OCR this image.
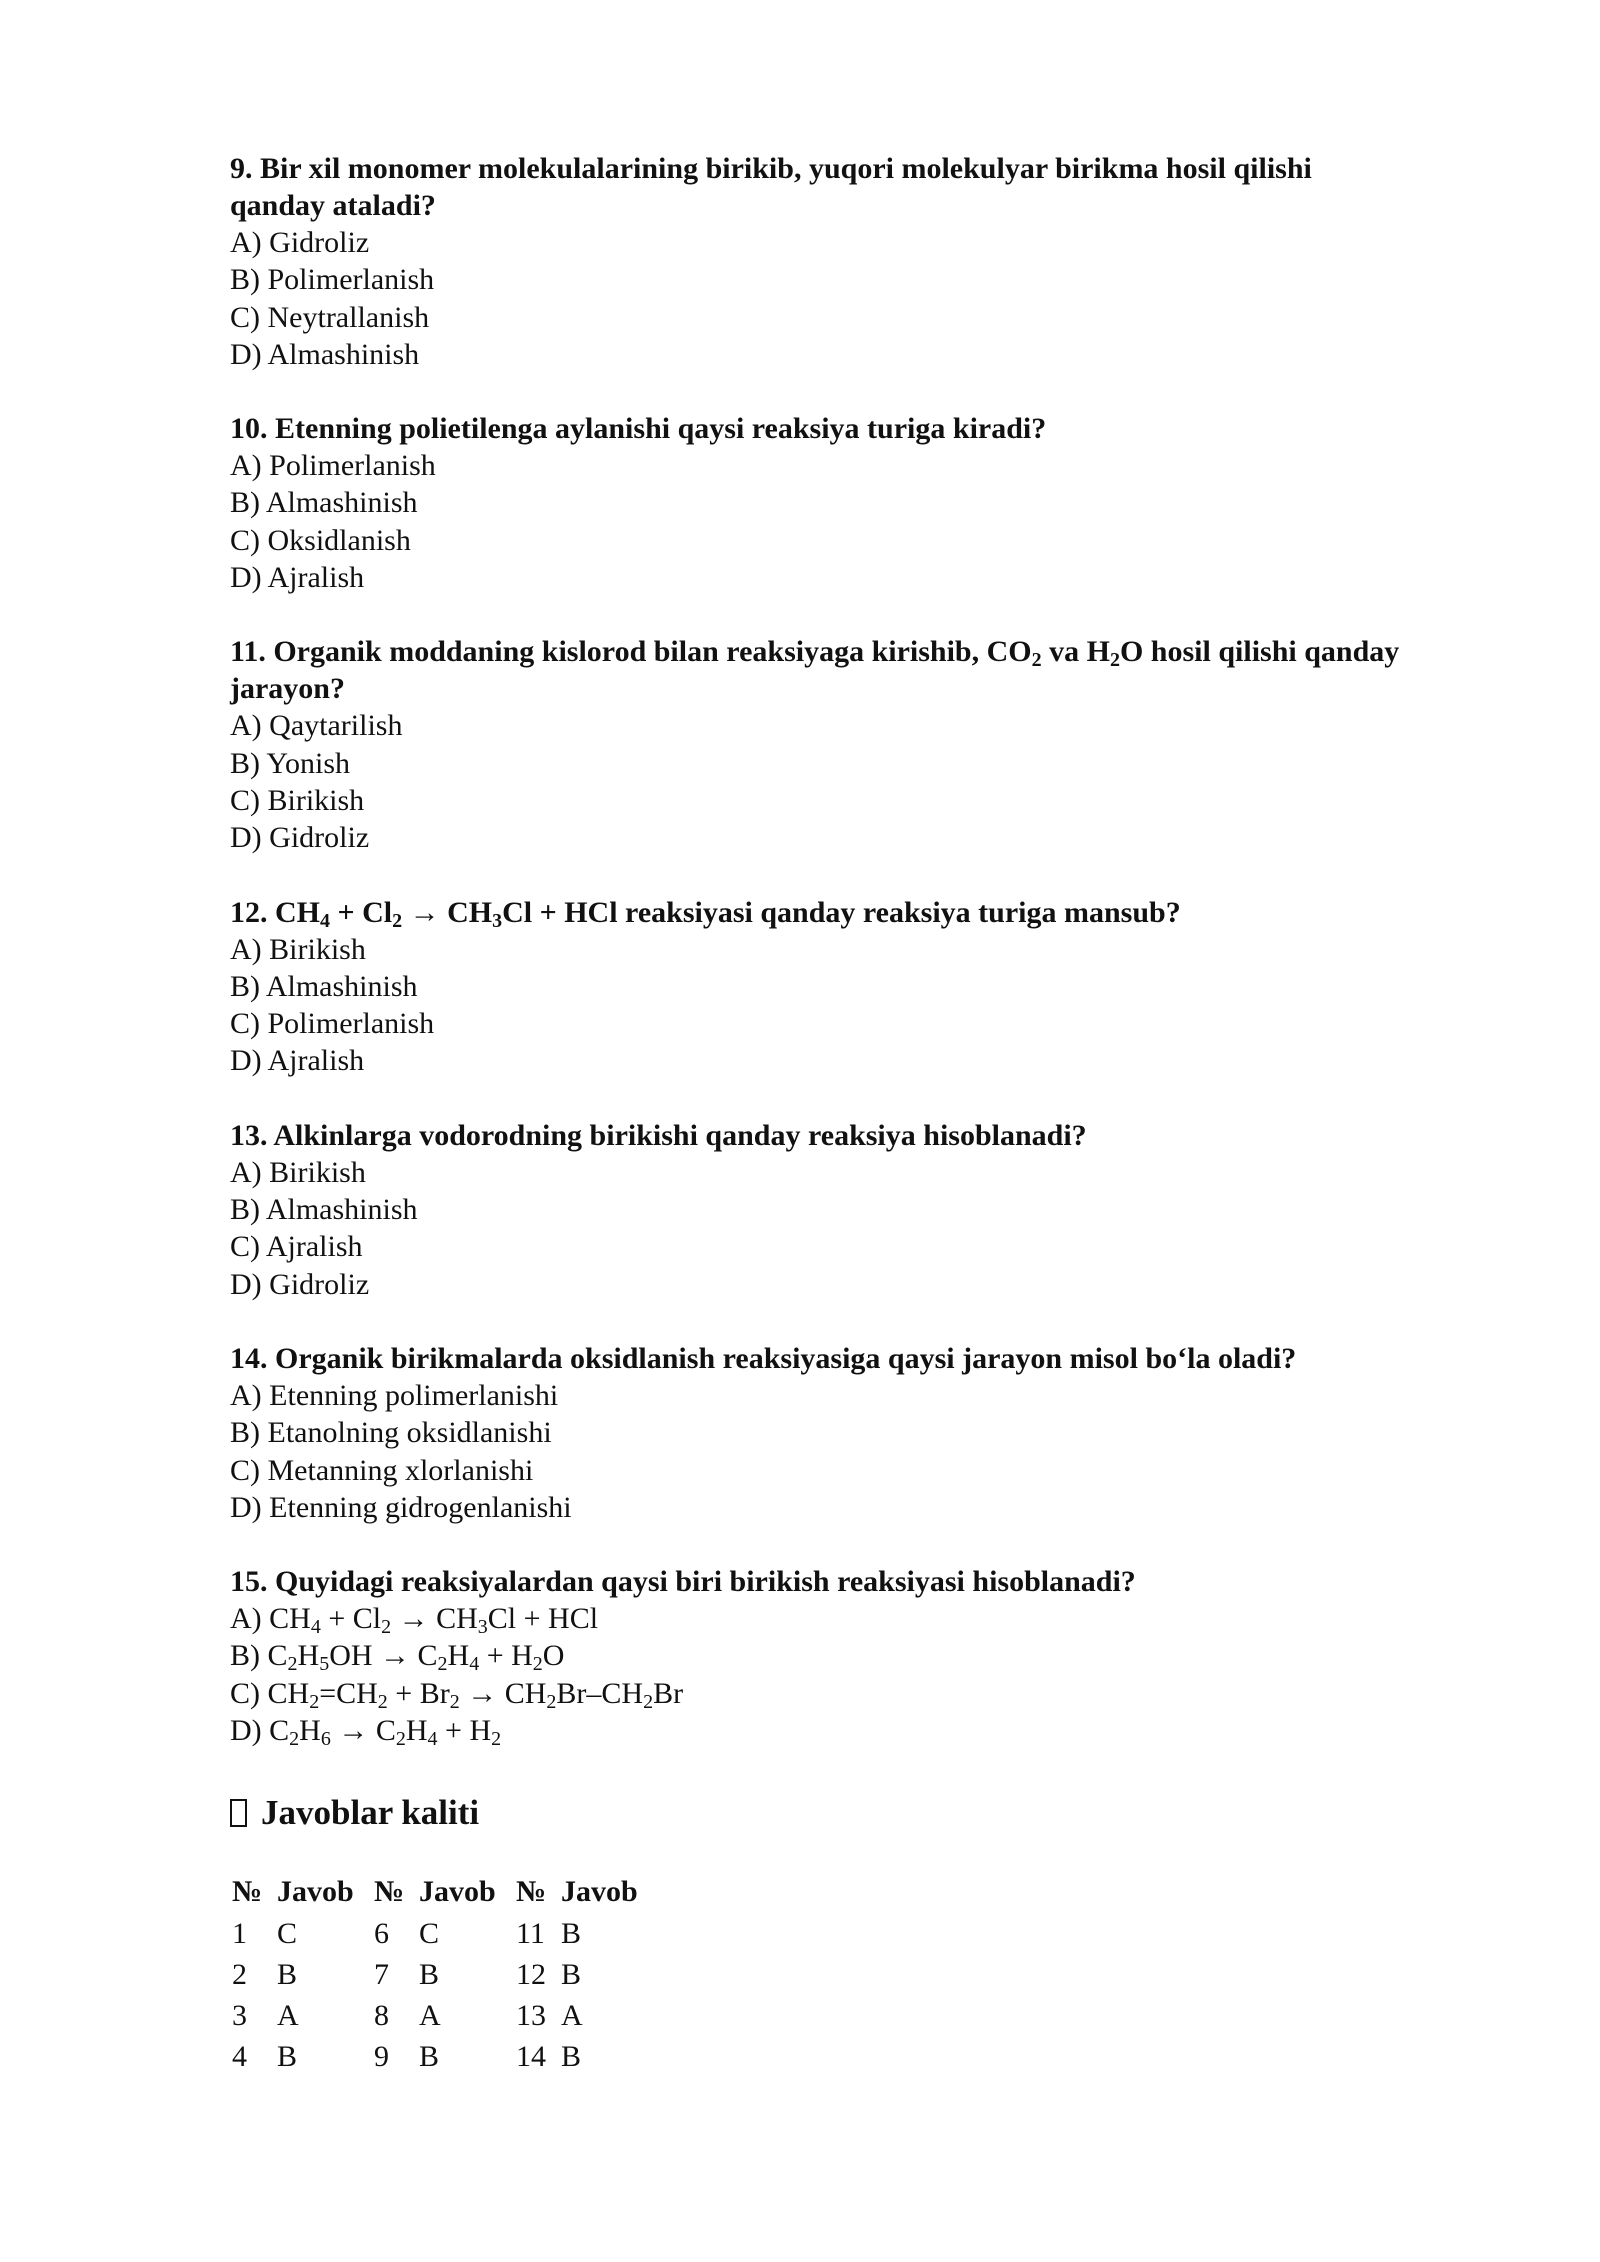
9. Bir xil monomer molekulalarining birikib, yuqori molekulyar birikma hosil qilishi qanday ataladi?

A) Gidroliz

B) Polimerlanish

C) Neytrallanish

D) Almashinish

10. Etenning polietilenga aylanishi qaysi reaksiya turiga kiradi?

A) Polimerlanish

B) Almashinish

C) Oksidlanish

D) Ajralish

11. Organik moddaning kislorod bilan reaksiyaga kirishib, $CO_2$ va $H_2O$ hosil qilishi qanday jarayon?

A) Qaytarilish

B) Yonish

C) Birikish

D) Gidroliz

12. $CH_4 + Cl_2 \to CH_3Cl$ + HCl reaksiyasi qanday reaksiya turiga mansub?

A) Birikish

B) Almashinish

C) Polimerlanish

D) Ajralish

13. Alkinlarga vodorodning birikishi qanday reaksiya hisoblanadi?

A) Birikish

B) Almashinish

C) Ajralish

D) Gidroliz

14. Organik birikmalarda oksidlanish reaksiyasiga qaysi jarayon misol bo‘la oladi?

A) Etenning polimerlanishi

B) Etanolning oksidlanishi

C) Metanning xlorlanishi

D) Etenning gidrogenlanishi

15. Quyidagi reaksiyalardan qaysi biri birikish reaksiyasi hisoblanadi?

A) $CH_4 + Cl_2 \to CH_3Cl$ + HCl

B) $C_2H_5OH \to C_2H_4 + H_2O$

C) $CH_2=CH_2 + Br_2 \to CH_2Br-CH_2Br$

D) $C_2H_6 \to C_2H_4 + H_2$

Javoblar kaliti
№	Javob	№	Javob	№	Javob
1	C	6	C	11	B
2	B	7	B	12	B
3	A	8	A	13	A
4	B	9	B	14	B
